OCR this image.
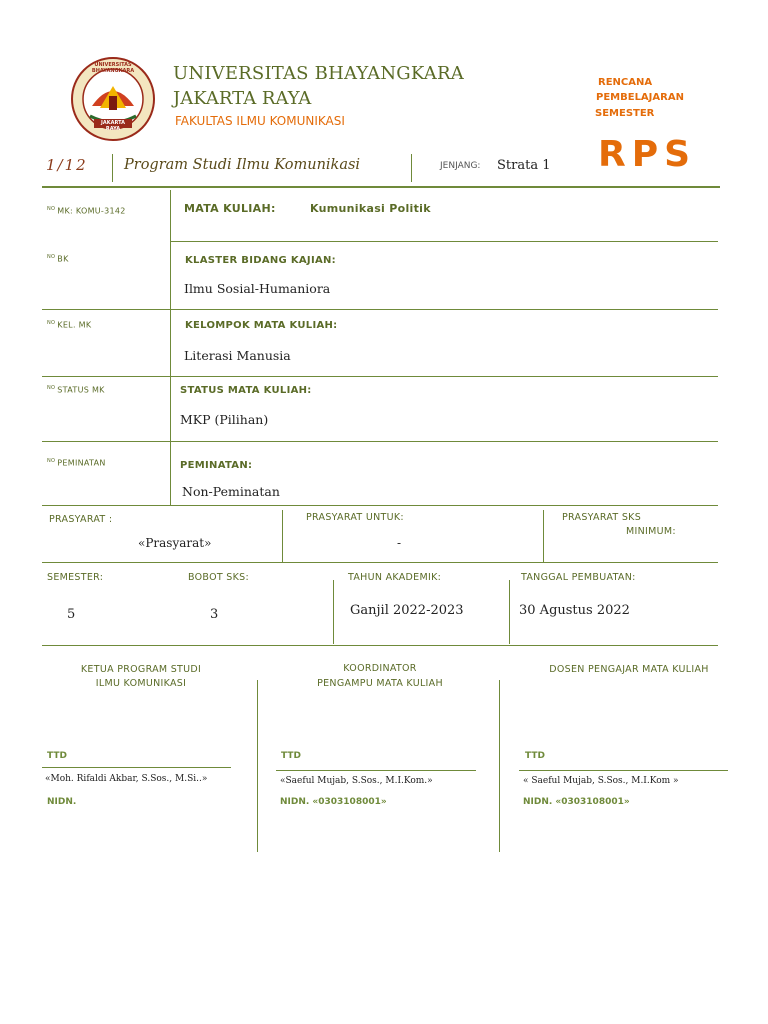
UNIVERSITAS BHAYANGKARA
JAKARTA RAYA
UNIVERSITAS BHAYANGKARA
JAKARTA RAYA
FAKULTAS ILMU KOMUNIKASI
RENCANA
PEMBELAJARAN
SEMESTER
RPS
1/12	Program Studi Ilmu Komunikasi	JENJANG: Strata 1
$^{NO}$ MK: KOMU-3142	MATA KULIAH:	Kumunikasi Politik
$^{NO}$ BK	KLASTER BIDANG KAJIAN:
Ilmu Sosial-Humaniora
$^{NO}$ KEL. MK	KELOMPOK MATA KULIAH:
Literasi Manusia
$^{NO}$ STATUS MK	STATUS MATA KULIAH:
MKP (Pilihan)
$^{NO}$ PEMINATAN	PEMINATAN:
Non-Peminatan
PRASYARAT :
«Prasyarat»
PRASYARAT UNTUK:
-
PRASYARAT SKS
MINIMUM:
SEMESTER:
5
BOBOT SKS:
3
TAHUN AKADEMIK:
Ganjil 2022-2023
TANGGAL PEMBUATAN:
30 Agustus 2022
KETUA PROGRAM STUDI
ILMU KOMUNIKASI
KOORDINATOR
PENGAMPU MATA KULIAH
DOSEN PENGAJAR MATA KULIAH
TTD	TTD	TTD
«Moh. Rifaldi Akbar, S.Sos., M.Si..»	«Saeful Mujab, S.Sos., M.I.Kom.»	« Saeful Mujab, S.Sos., M.I.Kom »
NIDN.	NIDN. «0303108001»	NIDN. «0303108001»
